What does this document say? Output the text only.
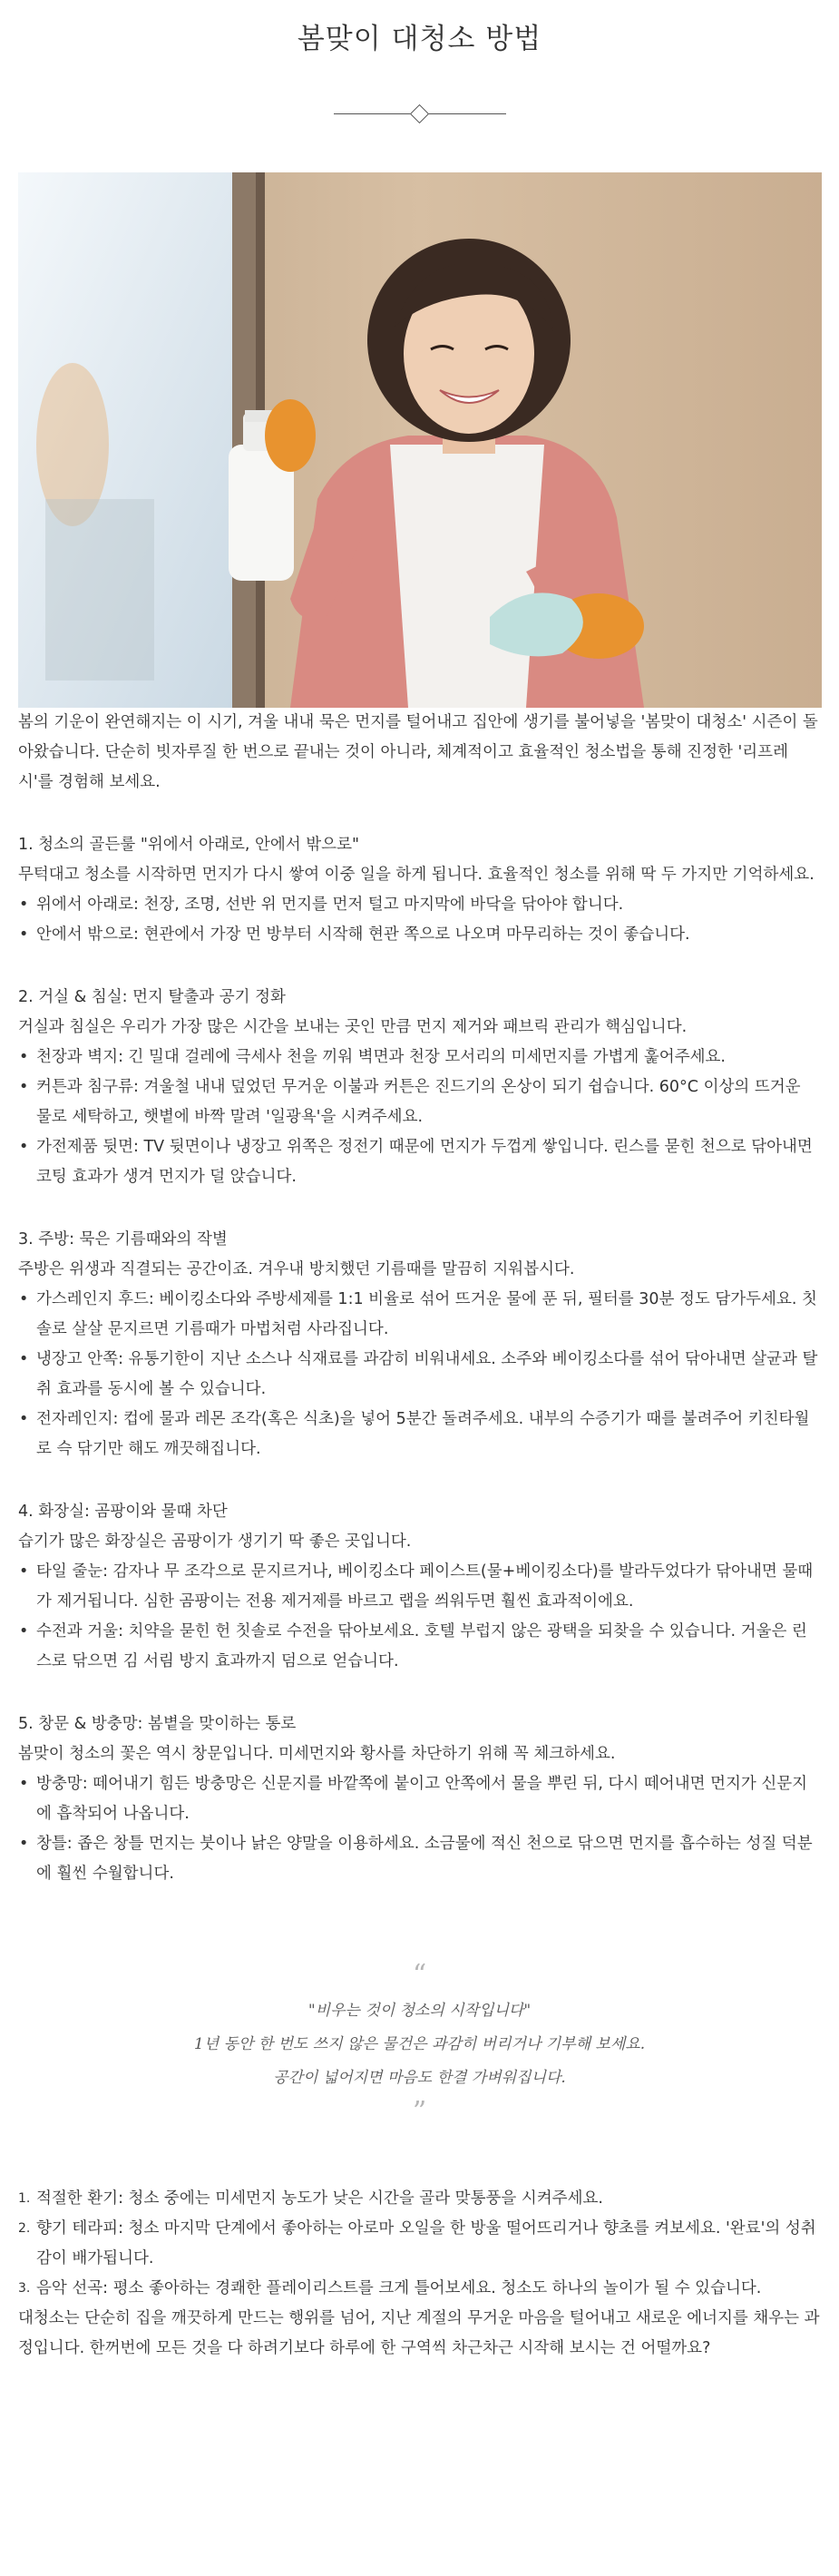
봄맞이 대청소 방법

봄의 기운이 완연해지는 이 시기, 겨울 내내 묵은 먼지를 털어내고 집안에 생기를 불어넣을 '봄맞이 대청소' 시즌이 돌아왔습니다. 단순히 빗자루질 한 번으로 끝내는 것이 아니라, 체계적이고 효율적인 청소법을 통해 진정한 '리프레시'를 경험해 보세요.

1. 청소의 골든룰 "위에서 아래로, 안에서 밖으로"

무턱대고 청소를 시작하면 먼지가 다시 쌓여 이중 일을 하게 됩니다. 효율적인 청소를 위해 딱 두 가지만 기억하세요.

• 위에서 아래로: 천장, 조명, 선반 위 먼지를 먼저 털고 마지막에 바닥을 닦아야 합니다.
• 안에서 밖으로: 현관에서 가장 먼 방부터 시작해 현관 쪽으로 나오며 마무리하는 것이 좋습니다.
2. 거실 & 침실: 먼지 탈출과 공기 정화

거실과 침실은 우리가 가장 많은 시간을 보내는 곳인 만큼 먼지 제거와 패브릭 관리가 핵심입니다.

• 천장과 벽지: 긴 밀대 걸레에 극세사 천을 끼워 벽면과 천장 모서리의 미세먼지를 가볍게 훑어주세요.
• 커튼과 침구류: 겨울철 내내 덮었던 무거운 이불과 커튼은 진드기의 온상이 되기 쉽습니다. 60°C 이상의 뜨거운 물로 세탁하고, 햇볕에 바짝 말려 '일광욕'을 시켜주세요.
• 가전제품 뒷면: TV 뒷면이나 냉장고 위쪽은 정전기 때문에 먼지가 두껍게 쌓입니다. 린스를 묻힌 천으로 닦아내면 코팅 효과가 생겨 먼지가 덜 앉습니다.
3. 주방: 묵은 기름때와의 작별

주방은 위생과 직결되는 공간이죠. 겨우내 방치했던 기름때를 말끔히 지워봅시다.

• 가스레인지 후드: 베이킹소다와 주방세제를 1:1 비율로 섞어 뜨거운 물에 푼 뒤, 필터를 30분 정도 담가두세요. 칫솔로 살살 문지르면 기름때가 마법처럼 사라집니다.
• 냉장고 안쪽: 유통기한이 지난 소스나 식재료를 과감히 비워내세요. 소주와 베이킹소다를 섞어 닦아내면 살균과 탈취 효과를 동시에 볼 수 있습니다.
• 전자레인지: 컵에 물과 레몬 조각(혹은 식초)을 넣어 5분간 돌려주세요. 내부의 수증기가 때를 불려주어 키친타월로 슥 닦기만 해도 깨끗해집니다.
4. 화장실: 곰팡이와 물때 차단

습기가 많은 화장실은 곰팡이가 생기기 딱 좋은 곳입니다.

• 타일 줄눈: 감자나 무 조각으로 문지르거나, 베이킹소다 페이스트(물+베이킹소다)를 발라두었다가 닦아내면 물때가 제거됩니다. 심한 곰팡이는 전용 제거제를 바르고 랩을 씌워두면 훨씬 효과적이에요.
• 수전과 거울: 치약을 묻힌 헌 칫솔로 수전을 닦아보세요. 호텔 부럽지 않은 광택을 되찾을 수 있습니다. 거울은 린스로 닦으면 김 서림 방지 효과까지 덤으로 얻습니다.
5. 창문 & 방충망: 봄볕을 맞이하는 통로

봄맞이 청소의 꽃은 역시 창문입니다. 미세먼지와 황사를 차단하기 위해 꼭 체크하세요.

• 방충망: 떼어내기 힘든 방충망은 신문지를 바깥쪽에 붙이고 안쪽에서 물을 뿌린 뒤, 다시 떼어내면 먼지가 신문지에 흡착되어 나옵니다.
• 창틀: 좁은 창틀 먼지는 붓이나 낡은 양말을 이용하세요. 소금물에 적신 천으로 닦으면 먼지를 흡수하는 성질 덕분에 훨씬 수월합니다.
“
"비우는 것이 청소의 시작입니다"
1년 동안 한 번도 쓰지 않은 물건은 과감히 버리거나 기부해 보세요.
공간이 넓어지면 마음도 한결 가벼워집니다.
”
1. 적절한 환기: 청소 중에는 미세먼지 농도가 낮은 시간을 골라 맞통풍을 시켜주세요.
2. 향기 테라피: 청소 마지막 단계에서 좋아하는 아로마 오일을 한 방울 떨어뜨리거나 향초를 켜보세요. '완료'의 성취감이 배가됩니다.
3. 음악 선곡: 평소 좋아하는 경쾌한 플레이리스트를 크게 틀어보세요. 청소도 하나의 놀이가 될 수 있습니다.

대청소는 단순히 집을 깨끗하게 만드는 행위를 넘어, 지난 계절의 무거운 마음을 털어내고 새로운 에너지를 채우는 과정입니다. 한꺼번에 모든 것을 다 하려기보다 하루에 한 구역씩 차근차근 시작해 보시는 건 어떨까요?
